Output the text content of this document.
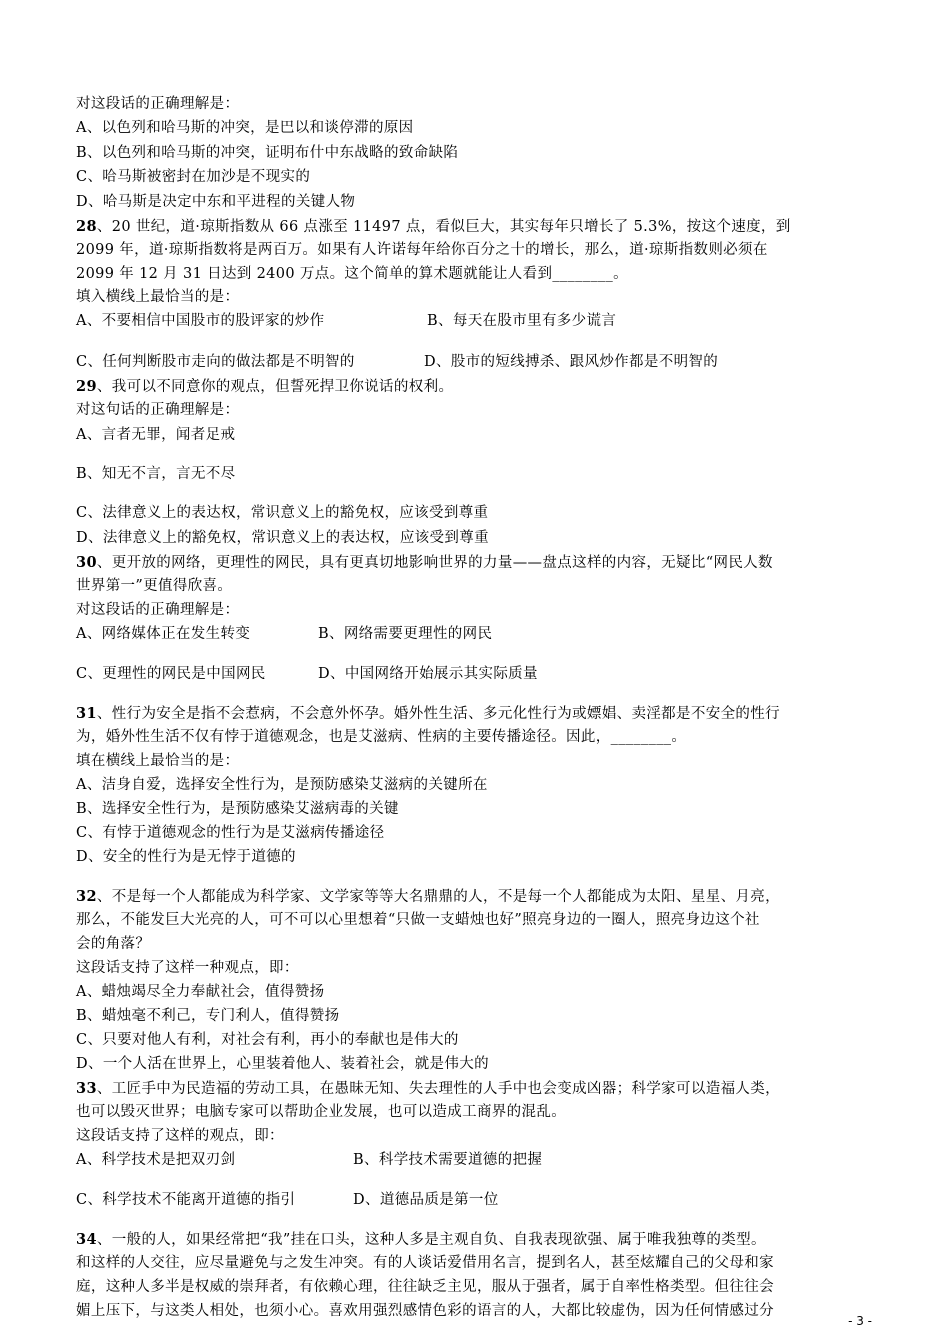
对这段话的正确理解是：
A、以色列和哈马斯的冲突，是巴以和谈停滞的原因
B、以色列和哈马斯的冲突，证明布什中东战略的致命缺陷
C、哈马斯被密封在加沙是不现实的
D、哈马斯是决定中东和平进程的关键人物
28、20 世纪，道·琼斯指数从 66 点涨至 11497 点，看似巨大，其实每年只增长了 5.3%，按这个速度，到
2099 年，道·琼斯指数将是两百万。如果有人许诺每年给你百分之十的增长，那么，道·琼斯指数则必须在
2099 年 12 月 31 日达到 2400 万点。这个简单的算术题就能让人看到________。
填入横线上最恰当的是：
A、不要相信中国股市的股评家的炒作	B、每天在股市里有多少谎言
C、任何判断股市走向的做法都是不明智的	D、股市的短线搏杀、跟风炒作都是不明智的
29、我可以不同意你的观点，但誓死捍卫你说话的权利。
对这句话的正确理解是：
A、言者无罪，闻者足戒
B、知无不言，言无不尽
C、法律意义上的表达权，常识意义上的豁免权，应该受到尊重
D、法律意义上的豁免权，常识意义上的表达权，应该受到尊重
30、更开放的网络，更理性的网民，具有更真切地影响世界的力量——盘点这样的内容，无疑比“网民人数
世界第一”更值得欣喜。
对这段话的正确理解是：
A、网络媒体正在发生转变	B、网络需要更理性的网民
C、更理性的网民是中国网民	D、中国网络开始展示其实际质量
31、性行为安全是指不会惹病，不会意外怀孕。婚外性生活、多元化性行为或嫖娼、卖淫都是不安全的性行
为，婚外性生活不仅有悖于道德观念，也是艾滋病、性病的主要传播途径。因此，________。
填在横线上最恰当的是：
A、洁身自爱，选择安全性行为，是预防感染艾滋病的关键所在
B、选择安全性行为，是预防感染艾滋病毒的关键
C、有悖于道德观念的性行为是艾滋病传播途径
D、安全的性行为是无悖于道德的
32、不是每一个人都能成为科学家、文学家等等大名鼎鼎的人，不是每一个人都能成为太阳、星星、月亮，
那么，不能发巨大光亮的人，可不可以心里想着“只做一支蜡烛也好”照亮身边的一圈人，照亮身边这个社
会的角落？
这段话支持了这样一种观点，即：
A、蜡烛竭尽全力奉献社会，值得赞扬
B、蜡烛毫不利己，专门利人，值得赞扬
C、只要对他人有利，对社会有利，再小的奉献也是伟大的
D、一个人活在世界上，心里装着他人、装着社会，就是伟大的
33、工匠手中为民造福的劳动工具，在愚昧无知、失去理性的人手中也会变成凶器；科学家可以造福人类，
也可以毁灭世界；电脑专家可以帮助企业发展，也可以造成工商界的混乱。
这段话支持了这样的观点，即：
A、科学技术是把双刃剑	B、科学技术需要道德的把握
C、科学技术不能离开道德的指引	D、道德品质是第一位
34、一般的人，如果经常把“我”挂在口头，这种人多是主观自负、自我表现欲强、属于唯我独尊的类型。
和这样的人交往，应尽量避免与之发生冲突。有的人谈话爱借用名言，提到名人，甚至炫耀自己的父母和家
庭，这种人多半是权威的崇拜者，有依赖心理，往往缺乏主见，服从于强者，属于自率性格类型。但往往会
媚上压下，与这类人相处，也须小心。喜欢用强烈感情色彩的语言的人，大都比较虚伪，因为任何情感过分
- 3 -
